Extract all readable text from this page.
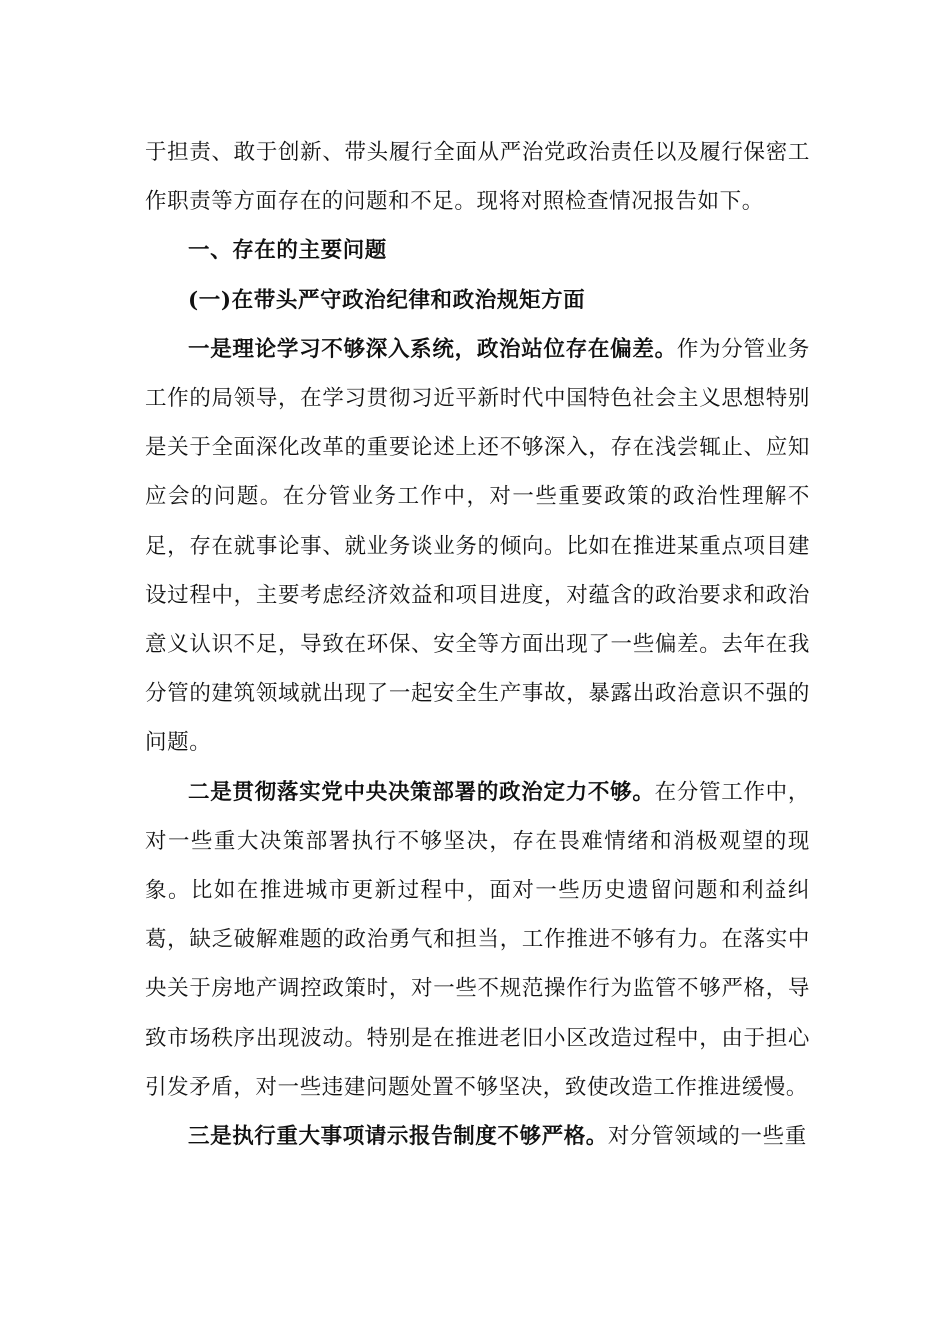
于担责、敢于创新、带头履行全面从严治党政治责任以及履行保密工作职责等方面存在的问题和不足。现将对照检查情况报告如下。

一、存在的主要问题

(一)在带头严守政治纪律和政治规矩方面

一是理论学习不够深入系统，政治站位存在偏差。作为分管业务工作的局领导，在学习贯彻习近平新时代中国特色社会主义思想特别是关于全面深化改革的重要论述上还不够深入，存在浅尝辄止、应知应会的问题。在分管业务工作中，对一些重要政策的政治性理解不足，存在就事论事、就业务谈业务的倾向。比如在推进某重点项目建设过程中，主要考虑经济效益和项目进度，对蕴含的政治要求和政治意义认识不足，导致在环保、安全等方面出现了一些偏差。去年在我分管的建筑领域就出现了一起安全生产事故，暴露出政治意识不强的问题。

二是贯彻落实党中央决策部署的政治定力不够。在分管工作中，对一些重大决策部署执行不够坚决，存在畏难情绪和消极观望的现象。比如在推进城市更新过程中，面对一些历史遗留问题和利益纠葛，缺乏破解难题的政治勇气和担当，工作推进不够有力。在落实中央关于房地产调控政策时，对一些不规范操作行为监管不够严格，导致市场秩序出现波动。特别是在推进老旧小区改造过程中，由于担心引发矛盾，对一些违建问题处置不够坚决，致使改造工作推进缓慢。

三是执行重大事项请示报告制度不够严格。对分管领域的一些重
